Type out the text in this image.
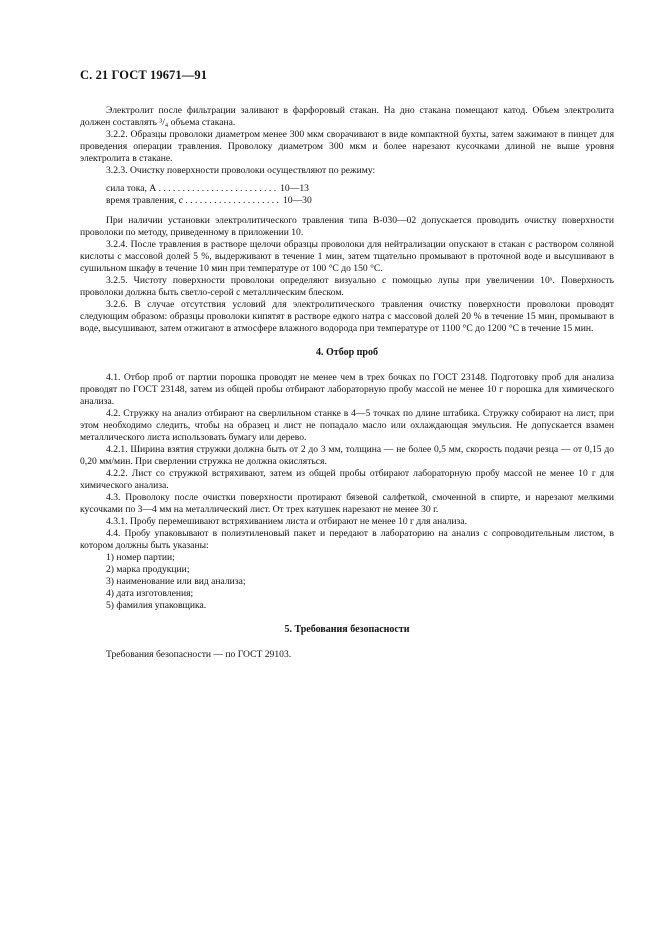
С. 21 ГОСТ 19671—91

Электролит после фильтрации заливают в фарфоровый стакан. На дно стакана помещают катод. Объем электролита должен составлять ³/₄ объема стакана.

3.2.2. Образцы проволоки диаметром менее 300 мкм сворачивают в виде компактной бухты, затем зажимают в пинцет для проведения операции травления. Проволоку диаметром 300 мкм и более нарезают кусочками длиной не выше уровня электролита в стакане.

3.2.3. Очистку поверхности проволоки осуществляют по режиму:

сила тока, А . . . . . . . . . . . . . . . . . . . . . . . . . 10—13
время травления, с . . . . . . . . . . . . . . . . . . . . 10—30

При наличии установки электролитического травления типа В-030—02 допускается проводить очистку поверхности проволоки по методу, приведенному в приложении 10.

3.2.4. После травления в растворе щелочи образцы проволоки для нейтрализации опускают в стакан с раствором соляной кислоты с массовой долей 5 %, выдерживают в течение 1 мин, затем тщательно промывают в проточной воде и высушивают в сушильном шкафу в течение 10 мин при температуре от 100 °С до 150 °С.

3.2.5. Чистоту поверхности проволоки определяют визуально с помощью лупы при увеличении 10ˣ. Поверхность проволоки должна быть светло-серой с металлическим блеском.

3.2.6. В случае отсутствия условий для электролитического травления очистку поверхности проволоки проводят следующим образом: образцы проволоки кипятят в растворе едкого натра с массовой долей 20 % в течение 15 мин, промывают в воде, высушивают, затем отжигают в атмосфере влажного водорода при температуре от 1100 °С до 1200 °С в течение 15 мин.

4. Отбор проб

4.1. Отбор проб от партии порошка проводят не менее чем в трех бочках по ГОСТ 23148. Подготовку проб для анализа проводят по ГОСТ 23148, затем из общей пробы отбирают лабораторную пробу массой не менее 10 г порошка для химического анализа.

4.2. Стружку на анализ отбирают на сверлильном станке в 4—5 точках по длине штабика. Стружку собирают на лист, при этом необходимо следить, чтобы на образец и лист не попадало масло или охлаждающая эмульсия. Не допускается взамен металлического листа использовать бумагу или дерево.

4.2.1. Ширина взятия стружки должна быть от 2 до 3 мм, толщина — не более 0,5 мм, скорость подачи резца — от 0,15 до 0,20 мм/мин. При сверлении стружка не должна окисляться.

4.2.2. Лист со стружкой встряхивают, затем из общей пробы отбирают лабораторную пробу массой не менее 10 г для химического анализа.

4.3. Проволоку после очистки поверхности протирают бязевой салфеткой, смоченной в спирте, и нарезают мелкими кусочками по 3—4 мм на металлический лист. От трех катушек нарезают не менее 30 г.

4.3.1. Пробу перемешивают встряхиванием листа и отбирают не менее 10 г для анализа.

4.4. Пробу упаковывают в полиэтиленовый пакет и передают в лабораторию на анализ с сопроводительным листом, в котором должны быть указаны:

1) номер партии;

2) марка продукции;

3) наименование или вид анализа;

4) дата изготовления;

5) фамилия упаковщика.

5. Требования безопасности

Требования безопасности — по ГОСТ 29103.
